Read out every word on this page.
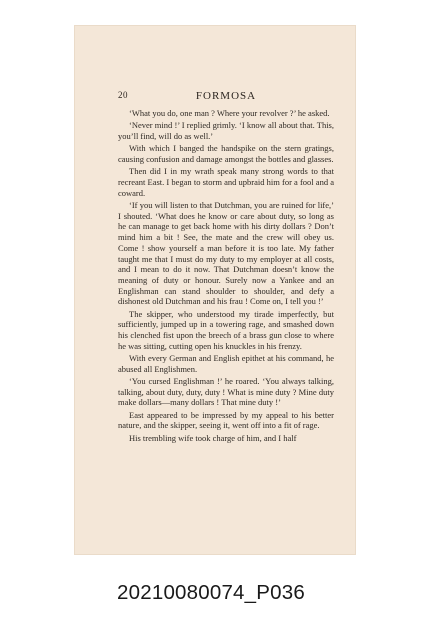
20	FORMOSA

‘What you do, one man ? Where your revolver ?’ he asked.

‘Never mind !’ I replied grimly. ‘I know all about that. This, you’ll find, will do as well.’

With which I banged the handspike on the stern gratings, causing confusion and damage amongst the bottles and glasses.

Then did I in my wrath speak many strong words to that recreant East. I began to storm and upbraid him for a fool and a coward.

‘If you will listen to that Dutchman, you are ruined for life,’ I shouted. ‘What does he know or care about duty, so long as he can manage to get back home with his dirty dollars ? Don’t mind him a bit ! See, the mate and the crew will obey us. Come ! show yourself a man before it is too late. My father taught me that I must do my duty to my employer at all costs, and I mean to do it now. That Dutchman doesn’t know the meaning of duty or honour. Surely now a Yankee and an Englishman can stand shoulder to shoulder, and defy a dishonest old Dutchman and his frau ! Come on, I tell you !’

The skipper, who understood my tirade imperfectly, but sufficiently, jumped up in a towering rage, and smashed down his clenched fist upon the breech of a brass gun close to where he was sitting, cutting open his knuckles in his frenzy.

With every German and English epithet at his command, he abused all Englishmen.

‘You cursed Englishman !’ he roared. ‘You always talking, talking, about duty, duty, duty ! What is mine duty ? Mine duty make dollars—many dollars ! That mine duty !’

East appeared to be impressed by my appeal to his better nature, and the skipper, seeing it, went off into a fit of rage.

His trembling wife took charge of him, and I half

20210080074_P036
